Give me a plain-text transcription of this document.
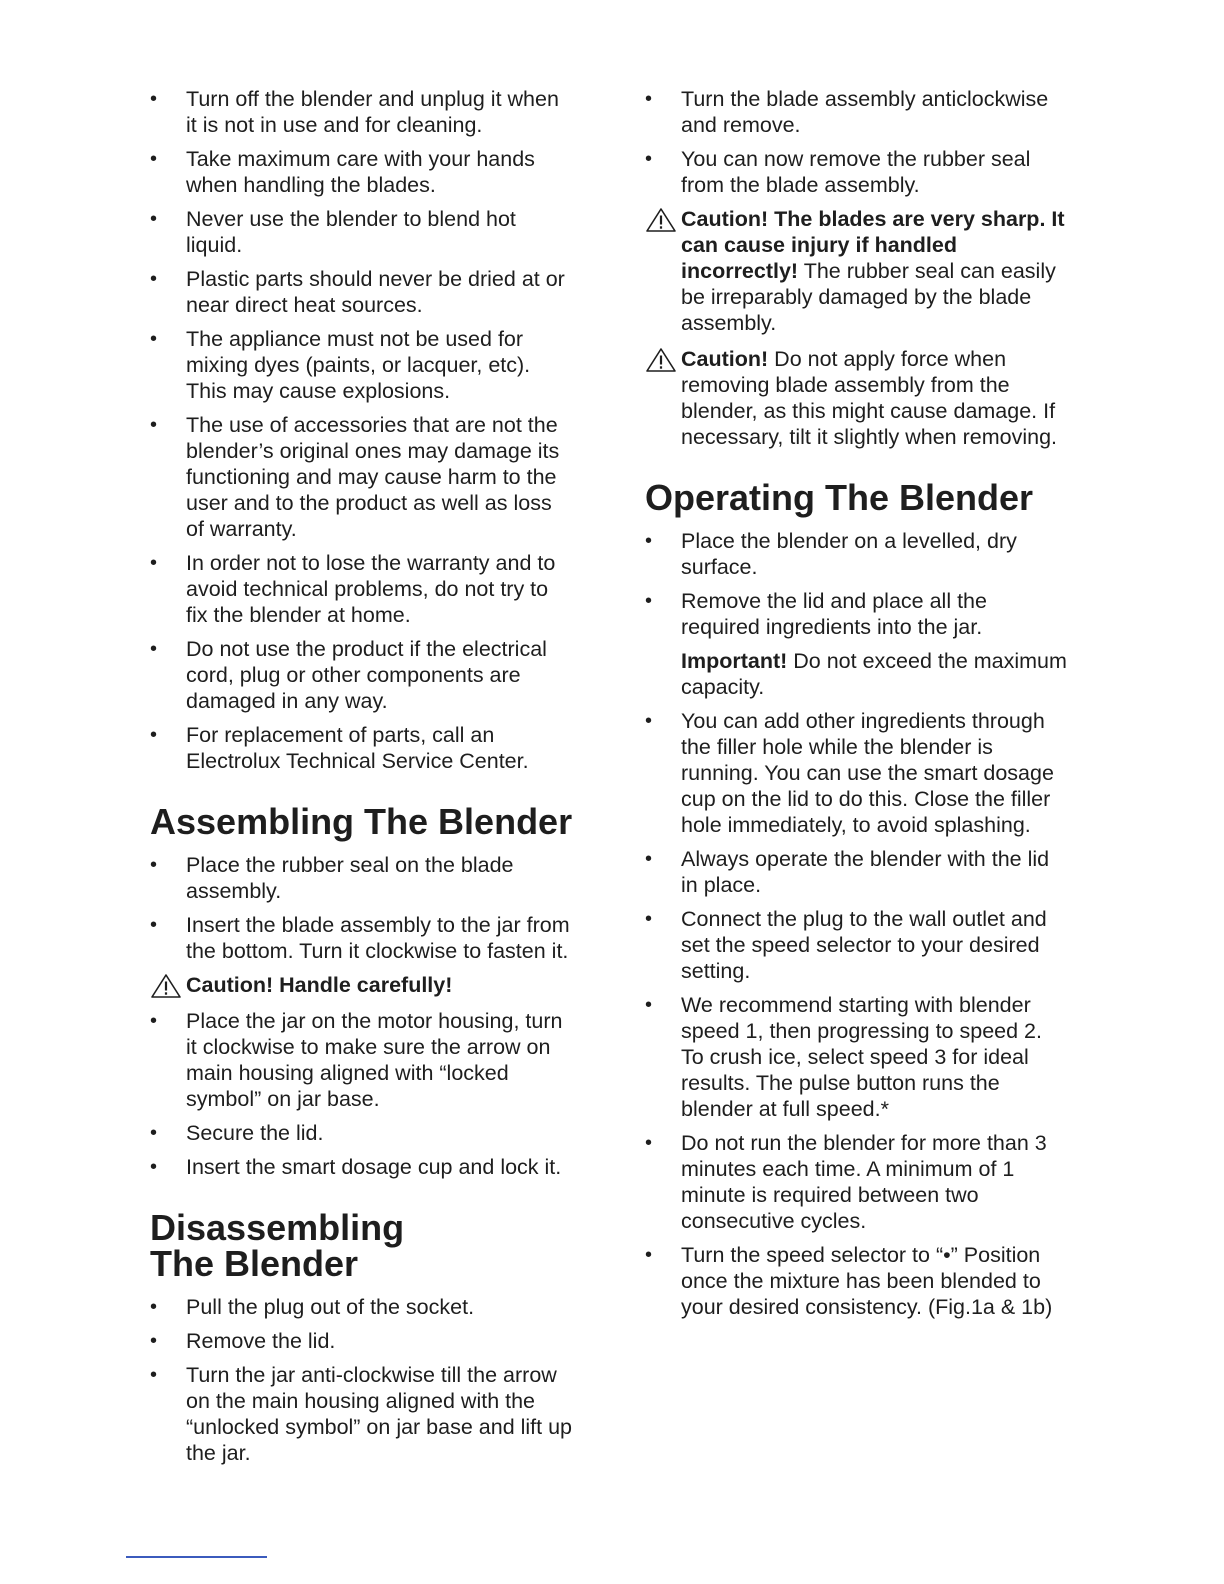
• Turn off the blender and unplug it when it is not in use and for cleaning.
• Take maximum care with your hands when handling the blades.
• Never use the blender to blend hot liquid.
• Plastic parts should never be dried at or near direct heat sources.
• The appliance must not be used for mixing dyes (paints, or lacquer, etc). This may cause explosions.
• The use of accessories that are not the blender’s original ones may damage its functioning and may cause harm to the user and to the product as well as loss of warranty.
• In order not to lose the warranty and to avoid technical problems, do not try to fix the blender at home.
• Do not use the product if the electrical cord, plug or other components are damaged in any way.
• For replacement of parts, call an Electrolux Technical Service Center.
Assembling The Blender
• Place the rubber seal on the blade assembly.
• Insert the blade assembly to the jar from the bottom. Turn it clockwise to fasten it.
Caution! Handle carefully!
• Place the jar on the motor housing, turn it clockwise to make sure the arrow on main housing aligned with “locked symbol” on jar base.
• Secure the lid.
• Insert the smart dosage cup and lock it.
Disassembling
The Blender
• Pull the plug out of the socket.
• Remove the lid.
• Turn the jar anti-clockwise till the arrow on the main housing aligned with the “unlocked symbol” on jar base and lift up the jar.
• Turn the blade assembly anticlockwise and remove.
• You can now remove the rubber seal from the blade assembly.
Caution! The blades are very sharp. It can cause injury if handled incorrectly! The rubber seal can easily be irreparably damaged by the blade assembly.
Caution! Do not apply force when removing blade assembly from the blender, as this might cause damage. If necessary, tilt it slightly when removing.
Operating The Blender
• Place the blender on a levelled, dry surface.
• Remove the lid and place all the required ingredients into the jar.

Important! Do not exceed the maximum capacity.

• You can add other ingredients through the filler hole while the blender is running. You can use the smart dosage cup on the lid to do this. Close the filler hole immediately, to avoid splashing.
• Always operate the blender with the lid in place.
• Connect the plug to the wall outlet and set the speed selector to your desired setting.
• We recommend starting with blender speed 1, then progressing to speed 2. To crush ice, select speed 3 for ideal results. The pulse button runs the blender at full speed.*
• Do not run the blender for more than 3 minutes each time. A minimum of 1 minute is required between two consecutive cycles.
• Turn the speed selector to “•” Position once the mixture has been blended to your desired consistency. (Fig.1a & 1b)
